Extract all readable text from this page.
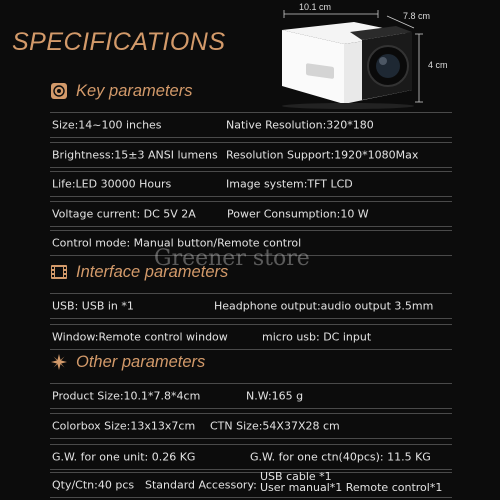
SPECIFICATIONS
10.1 cm
7.8 cm
4 cm
Key parameters
Size:14~100 inches	Native Resolution:320*180
Brightness:15±3 ANSI lumens Resolution Support:1920*1080Max
Life:LED 30000 Hours	Image system:TFT LCD
Voltage current: DC 5V 2A	Power Consumption:10 W
Control mode: Manual button/Remote control
Interface parameters
USB: USB in *1	Headphone output:audio output 3.5mm
Window:Remote control window	micro usb: DC input
Other parameters
Product Size:10.1*7.8*4cm	N.W:165 g
Colorbox Size:13x13x7cm CTN Size:54X37X28 cm
G.W. for one unit: 0.26 KG	G.W. for one ctn(40pcs): 11.5 KG
Qty/Ctn:40 pcs Standard Accessory:
USB cable *1
User manual*1 Remote control*1
Greener store
